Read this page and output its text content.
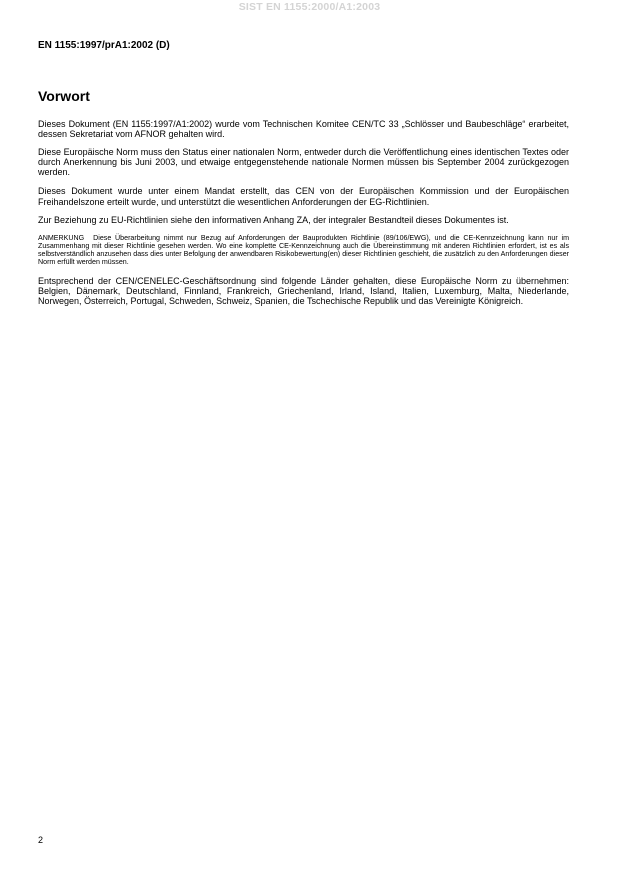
SIST EN 1155:2000/A1:2003
EN 1155:1997/prA1:2002 (D)
Vorwort

Dieses Dokument (EN 1155:1997/A1:2002) wurde vom Technischen Komitee CEN/TC 33 „Schlösser und Baubeschläge“ erarbeitet, dessen Sekretariat vom AFNOR gehalten wird.

Diese Europäische Norm muss den Status einer nationalen Norm, entweder durch die Veröffentlichung eines identischen Textes oder durch Anerkennung bis Juni 2003, und etwaige entgegenstehende nationale Normen müssen bis September 2004 zurückgezogen werden.

Dieses Dokument wurde unter einem Mandat erstellt, das CEN von der Europäischen Kommission und der Europäischen Freihandelszone erteilt wurde, und unterstützt die wesentlichen Anforderungen der EG-Richtlinien.

Zur Beziehung zu EU-Richtlinien siehe den informativen Anhang ZA, der integraler Bestandteil dieses Dokumentes ist.

ANMERKUNG Diese Überarbeitung nimmt nur Bezug auf Anforderungen der Bauprodukten Richtlinie (89/106/EWG), und die CE-Kennzeichnung kann nur im Zusammenhang mit dieser Richtlinie gesehen werden. Wo eine komplette CE-Kennzeichnung auch die Übereinstimmung mit anderen Richtlinien erfordert, ist es als selbstverständlich anzusehen dass dies unter Befolgung der anwendbaren Risikobewertung(en) dieser Richtlinien geschieht, die zusätzlich zu den Anforderungen dieser Norm erfüllt werden müssen.

Entsprechend der CEN/CENELEC-Geschäftsordnung sind folgende Länder gehalten, diese Europäische Norm zu übernehmen: Belgien, Dänemark, Deutschland, Finnland, Frankreich, Griechenland, Irland, Island, Italien, Luxemburg, Malta, Niederlande, Norwegen, Österreich, Portugal, Schweden, Schweiz, Spanien, die Tschechische Republik und das Vereinigte Königreich.

2
